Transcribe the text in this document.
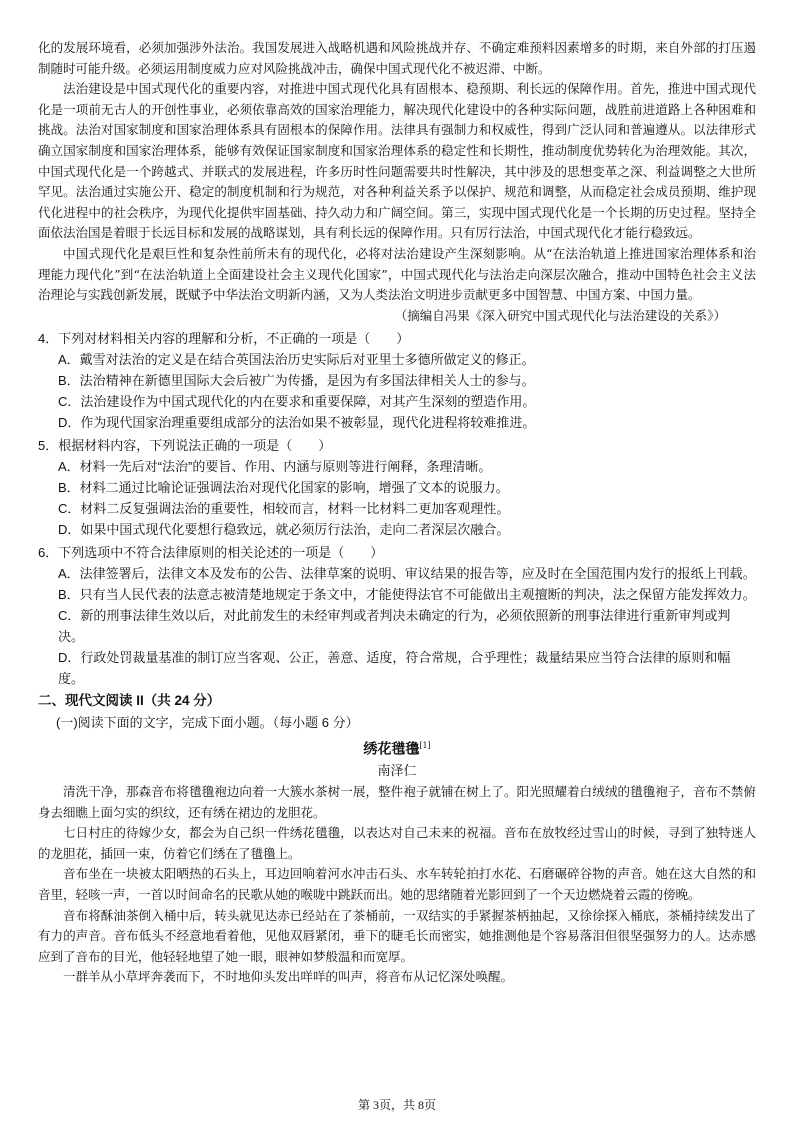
化的发展环境看，必须加强涉外法治。我国发展进入战略机遇和风险挑战并存、不确定难预料因素增多的时期，来自外部的打压遏制随时可能升级。必须运用制度威力应对风险挑战冲击，确保中国式现代化不被迟滞、中断。

法治建设是中国式现代化的重要内容，对推进中国式现代化具有固根本、稳预期、利长远的保障作用。首先，推进中国式现代化是一项前无古人的开创性事业，必须依靠高效的国家治理能力，解决现代化建设中的各种实际问题，战胜前进道路上各种困难和挑战。法治对国家制度和国家治理体系具有固根本的保障作用。法律具有强制力和权威性，得到广泛认同和普遍遵从。以法律形式确立国家制度和国家治理体系，能够有效保证国家制度和国家治理体系的稳定性和长期性，推动制度优势转化为治理效能。其次，中国式现代化是一个跨越式、并联式的发展进程，许多历时性问题需要共时性解决，其中涉及的思想变革之深、利益调整之大世所罕见。法治通过实施公开、稳定的制度机制和行为规范，对各种利益关系予以保护、规范和调整，从而稳定社会成员预期、维护现代化进程中的社会秩序，为现代化提供牢固基础、持久动力和广阔空间。第三，实现中国式现代化是一个长期的历史过程。坚持全面依法治国是着眼于长远目标和发展的战略谋划，具有利长远的保障作用。只有厉行法治，中国式现代化才能行稳致远。

中国式现代化是艰巨性和复杂性前所未有的现代化，必将对法治建设产生深刻影响。从“在法治轨道上推进国家治理体系和治理能力现代化”到“在法治轨道上全面建设社会主义现代化国家”，中国式现代化与法治走向深层次融合，推动中国特色社会主义法治理论与实践创新发展，既赋予中华法治文明新内涵，又为人类法治文明进步贡献更多中国智慧、中国方案、中国力量。

（摘编自冯果《深入研究中国式现代化与法治建设的关系》）

4．下列对材料相关内容的理解和分析，不正确的一项是（　　）

A．戴雪对法治的定义是在结合英国法治历史实际后对亚里士多德所做定义的修正。

B．法治精神在新德里国际大会后被广为传播，是因为有多国法律相关人士的参与。

C．法治建设作为中国式现代化的内在要求和重要保障，对其产生深刻的塑造作用。

D．作为现代国家治理重要组成部分的法治如果不被彰显，现代化进程将较难推进。

5．根据材料内容，下列说法正确的一项是（　　）

A．材料一先后对“法治”的要旨、作用、内涵与原则等进行阐释，条理清晰。

B．材料二通过比喻论证强调法治对现代化国家的影响，增强了文本的说服力。

C．材料二反复强调法治的重要性，相较而言，材料一比材料二更加客观理性。

D．如果中国式现代化要想行稳致远，就必须厉行法治，走向二者深层次融合。

6．下列选项中不符合法律原则的相关论述的一项是（　　）

A．法律签署后，法律文本及发布的公告、法律草案的说明、审议结果的报告等，应及时在全国范围内发行的报纸上刊载。

B．只有当人民代表的法意志被清楚地规定于条文中，才能使得法官不可能做出主观擅断的判决，法之保留方能发挥效力。

C．新的刑事法律生效以后，对此前发生的未经审判或者判决未确定的行为，必须依照新的刑事法律进行重新审判或判决。

D．行政处罚裁量基准的制订应当客观、公正，善意、适度，符合常规，合乎理性；裁量结果应当符合法律的原则和幅度。

二、现代文阅读 II（共 24 分）

(一)阅读下面的文字，完成下面小题。（每小题 6 分）

绣花氆氇[1]

南泽仁

清洗干净，那森音布将氆氇袍边向着一大簇水茶树一展，整件袍子就铺在树上了。阳光照耀着白绒绒的氆氇袍子，音布不禁俯身去细瞧上面匀实的织纹，还有绣在裙边的龙胆花。

七日村庄的待嫁少女，都会为自己织一件绣花氆氇，以表达对自己未来的祝福。音布在放牧经过雪山的时候，寻到了独特迷人的龙胆花，插回一束，仿着它们绣在了氆氇上。

音布坐在一块被太阳晒热的石头上，耳边回响着河水冲击石头、水车转轮拍打水花、石磨碾碎谷物的声音。她在这大自然的和音里，轻咳一声，一首以时间命名的民歌从她的喉咙中跳跃而出。她的思绪随着光影回到了一个天边燃烧着云霞的傍晚。

音布将酥油茶倒入桶中后，转头就见达赤已经站在了茶桶前，一双结实的手紧握茶柄抽起，又徐徐探入桶底，茶桶持续发出了有力的声音。音布低头不经意地看着他，见他双唇紧闭，垂下的睫毛长而密实，她推测他是个容易落泪但很坚强努力的人。达赤感应到了音布的目光，他轻轻地望了她一眼，眼神如梦般温和而宽厚。

一群羊从小草坪奔袭而下，不时地仰头发出咩咩的叫声，将音布从记忆深处唤醒。

第 3页，共 8页
